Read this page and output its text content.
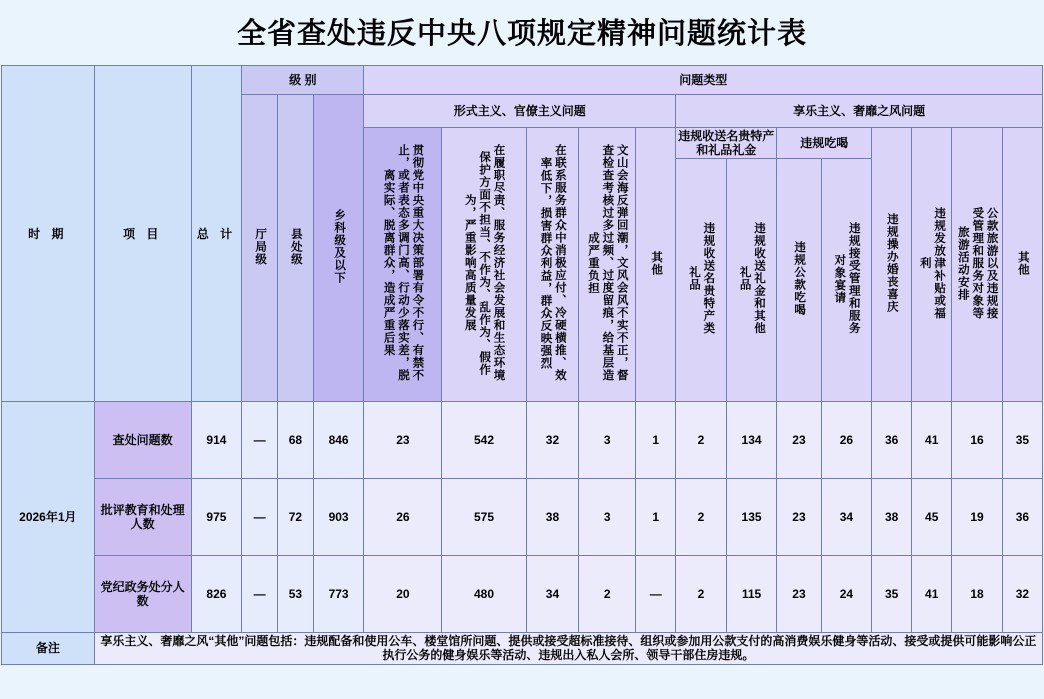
全省查处违反中央八项规定精神问题统计表
时 期	项 目	总 计	级 别			问题类型												
			厅局级	县处级	乡科级及以下	形式主义、官僚主义问题					享乐主义、奢靡之风问题							
						贯彻党中央重大决策部署有令不行、有禁不止，或者表态多调门高、行动少落实差，脱离实际、脱离群众，造成严重后果	在履职尽责、服务经济社会发展和生态环境保护方面不担当、不作为、乱作为、假作为，严重影响高质量发展	在联系服务群众中消极应付、冷硬横推、效率低下，损害群众利益，群众反映强烈	文山会海反弹回潮，文风会风不实不正，督查检查考核过多过频、过度留痕，给基层造成严重负担	其他	违规收送名贵特产和礼品礼金		违规吃喝		违规操办婚丧喜庆	违规发放津补贴或福利	公款旅游以及违规接受管理和服务对象等旅游活动安排	其他
											违规收送名贵特产类礼品	违规收送礼金和其他礼品	违规公款吃喝	违规接受管理和服务对象宴请				
2026年1月	查处问题数	914	—	68	846	23	542	32	3	1	2	134	23	26	36	41	16	35
	批评教育和处理人数	975	—	72	903	26	575	38	3	1	2	135	23	34	38	45	19	36
	党纪政务处分人数	826	—	53	773	20	480	34	2	—	2	115	23	24	35	41	18	32
备注	享乐主义、奢靡之风“其他”问题包括：违规配备和使用公车、楼堂馆所问题、提供或接受超标准接待、组织或参加用公款支付的高消费娱乐健身等活动、接受或提供可能影响公正执行公务的健身娱乐等活动、违规出入私人会所、领导干部住房违规。																	
